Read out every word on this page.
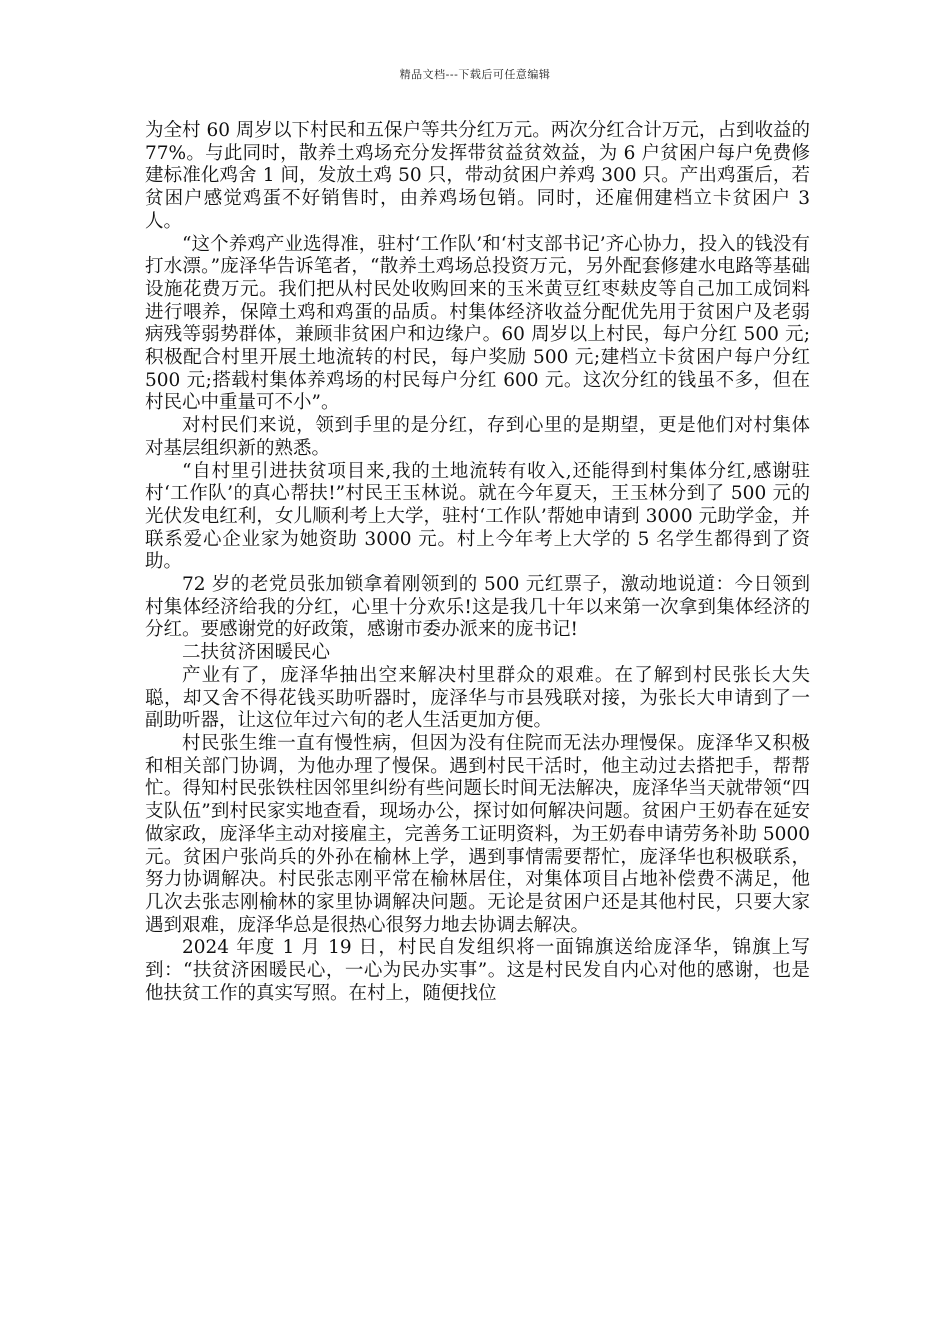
精品文档---下载后可任意编辑

为全村 60 周岁以下村民和五保户等共分红万元。两次分红合计万元，占到收益的 77%。与此同时，散养土鸡场充分发挥带贫益贫效益，为 6 户贫困户每户免费修建标准化鸡舍 1 间，发放土鸡 50 只，带动贫困户养鸡 300 只。产出鸡蛋后，若贫困户感觉鸡蛋不好销售时，由养鸡场包销。同时，还雇佣建档立卡贫困户 3 人。

“这个养鸡产业选得准，驻村‘工作队’和‘村支部书记’齐心协力，投入的钱没有打水漂。”庞泽华告诉笔者，“散养土鸡场总投资万元，另外配套修建水电路等基础设施花费万元。我们把从村民处收购回来的玉米黄豆红枣麸皮等自己加工成饲料进行喂养，保障土鸡和鸡蛋的品质。村集体经济收益分配优先用于贫困户及老弱病残等弱势群体，兼顾非贫困户和边缘户。60 周岁以上村民，每户分红 500 元;积极配合村里开展土地流转的村民，每户奖励 500 元;建档立卡贫困户每户分红 500 元;搭载村集体养鸡场的村民每户分红 600 元。这次分红的钱虽不多，但在村民心中重量可不小”。

对村民们来说，领到手里的是分红，存到心里的是期望，更是他们对村集体对基层组织新的熟悉。

“自村里引进扶贫项目来,我的土地流转有收入,还能得到村集体分红,感谢驻村‘工作队’的真心帮扶!”村民王玉林说。就在今年夏天，王玉林分到了 500 元的光伏发电红利，女儿顺利考上大学，驻村‘工作队’帮她申请到 3000 元助学金，并联系爱心企业家为她资助 3000 元。村上今年考上大学的 5 名学生都得到了资助。

72 岁的老党员张加锁拿着刚领到的 500 元红票子，激动地说道：今日领到村集体经济给我的分红，心里十分欢乐!这是我几十年以来第一次拿到集体经济的分红。要感谢党的好政策，感谢市委办派来的庞书记!

二扶贫济困暖民心

产业有了，庞泽华抽出空来解决村里群众的艰难。在了解到村民张长大失聪，却又舍不得花钱买助听器时，庞泽华与市县残联对接，为张长大申请到了一副助听器，让这位年过六旬的老人生活更加方便。

村民张生维一直有慢性病，但因为没有住院而无法办理慢保。庞泽华又积极和相关部门协调，为他办理了慢保。遇到村民干活时，他主动过去搭把手，帮帮忙。得知村民张铁柱因邻里纠纷有些问题长时间无法解决，庞泽华当天就带领“四支队伍”到村民家实地查看，现场办公，探讨如何解决问题。贫困户王奶春在延安做家政，庞泽华主动对接雇主，完善务工证明资料，为王奶春申请劳务补助 5000 元。贫困户张尚兵的外孙在榆林上学，遇到事情需要帮忙，庞泽华也积极联系，努力协调解决。村民张志刚平常在榆林居住，对集体项目占地补偿费不满足，他几次去张志刚榆林的家里协调解决问题。无论是贫困户还是其他村民，只要大家遇到艰难，庞泽华总是很热心很努力地去协调去解决。

2024 年度 1 月 19 日，村民自发组织将一面锦旗送给庞泽华，锦旗上写到：“扶贫济困暖民心，一心为民办实事”。这是村民发自内心对他的感谢，也是他扶贫工作的真实写照。在村上，随便找位
